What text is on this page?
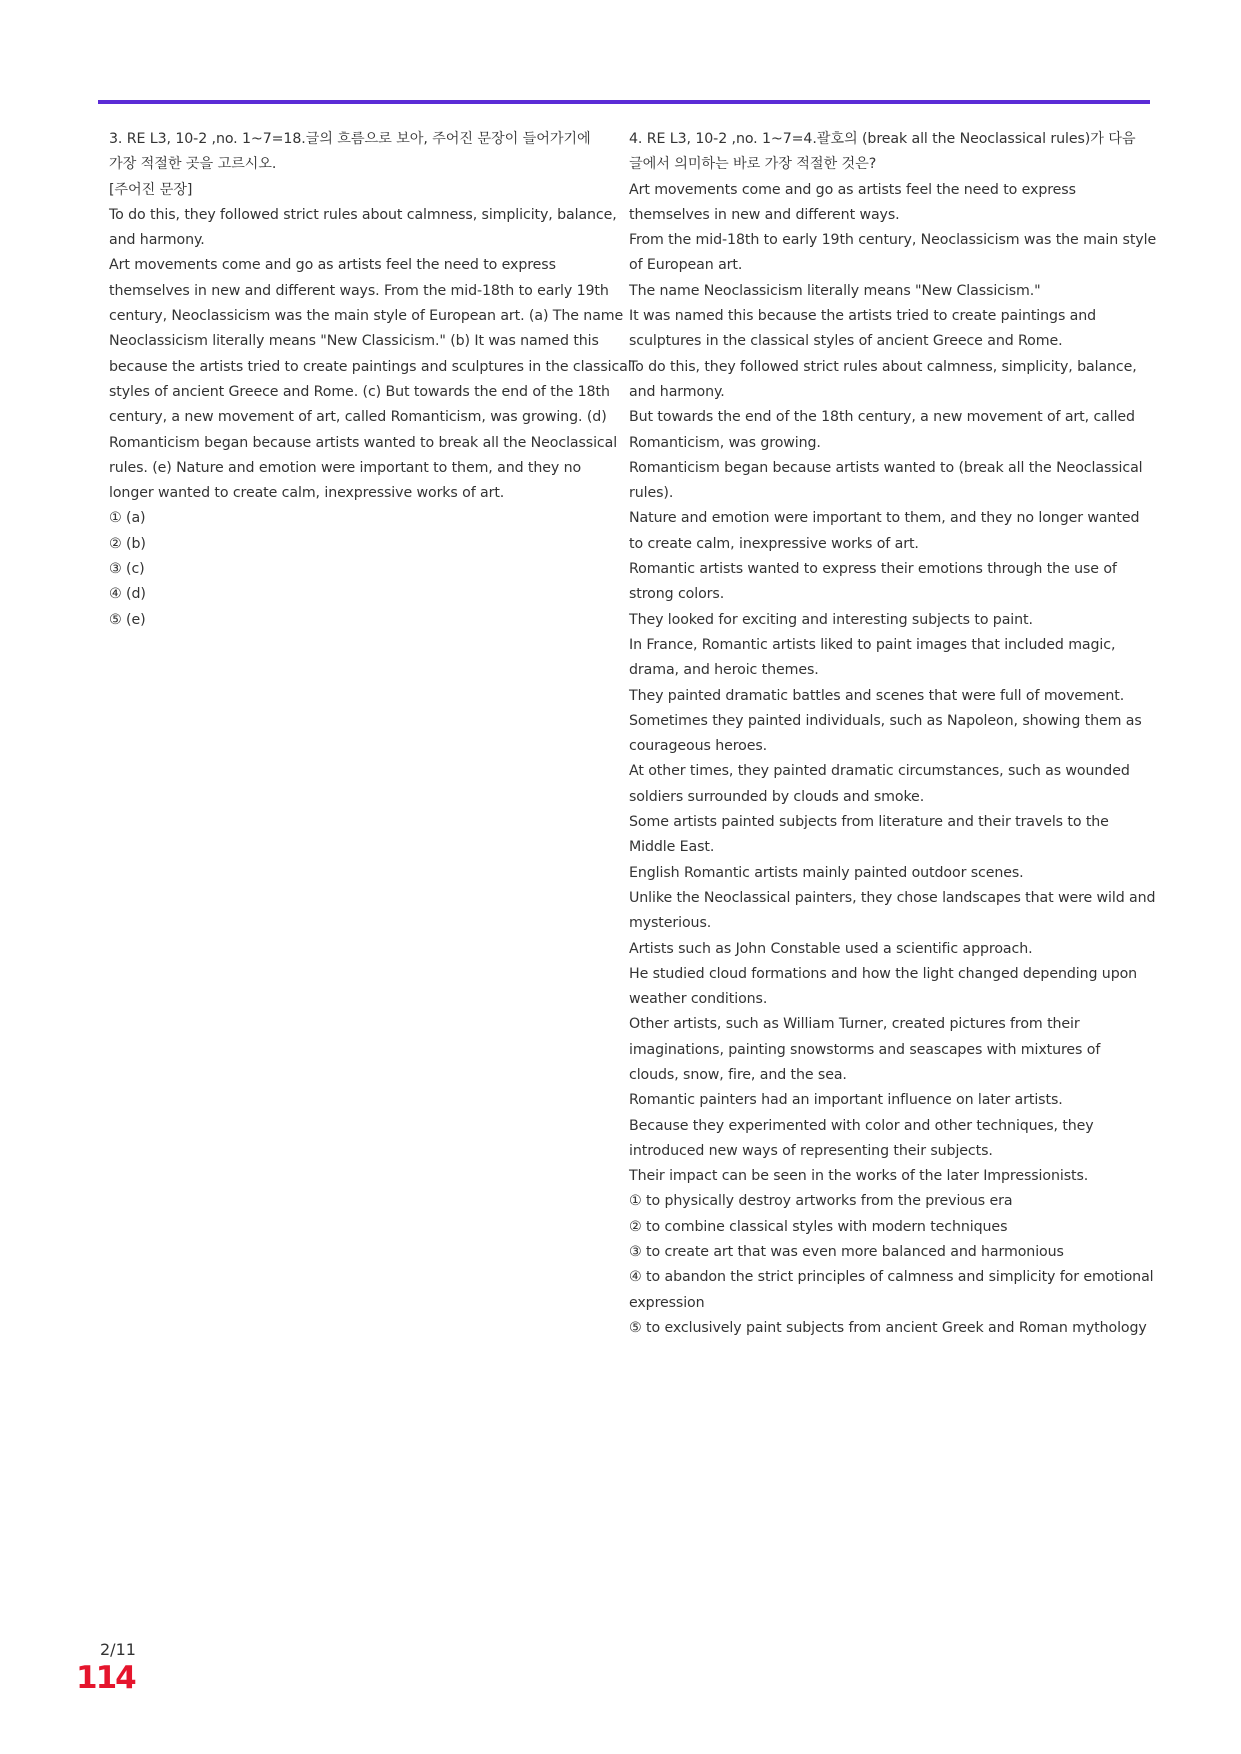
3. RE L3, 10-2 ,no. 1~7=18.글의 흐름으로 보아, 주어진 문장이 들어가기에
가장 적절한 곳을 고르시오.
[주어진 문장]
To do this, they followed strict rules about calmness, simplicity, balance,
and harmony.
Art movements come and go as artists feel the need to express
themselves in new and different ways. From the mid-18th to early 19th
century, Neoclassicism was the main style of European art. (a) The name
Neoclassicism literally means "New Classicism." (b) It was named this
because the artists tried to create paintings and sculptures in the classical
styles of ancient Greece and Rome. (c) But towards the end of the 18th
century, a new movement of art, called Romanticism, was growing. (d)
Romanticism began because artists wanted to break all the Neoclassical
rules. (e) Nature and emotion were important to them, and they no
longer wanted to create calm, inexpressive works of art.
① (a)
② (b)
③ (c)
④ (d)
⑤ (e)
4. RE L3, 10-2 ,no. 1~7=4.괄호의 (break all the Neoclassical rules)가 다음
글에서 의미하는 바로 가장 적절한 것은?
Art movements come and go as artists feel the need to express
themselves in new and different ways.
From the mid-18th to early 19th century, Neoclassicism was the main style
of European art.
The name Neoclassicism literally means "New Classicism."
It was named this because the artists tried to create paintings and
sculptures in the classical styles of ancient Greece and Rome.
To do this, they followed strict rules about calmness, simplicity, balance,
and harmony.
But towards the end of the 18th century, a new movement of art, called
Romanticism, was growing.
Romanticism began because artists wanted to (break all the Neoclassical
rules).
Nature and emotion were important to them, and they no longer wanted
to create calm, inexpressive works of art.
Romantic artists wanted to express their emotions through the use of
strong colors.
They looked for exciting and interesting subjects to paint.
In France, Romantic artists liked to paint images that included magic,
drama, and heroic themes.
They painted dramatic battles and scenes that were full of movement.
Sometimes they painted individuals, such as Napoleon, showing them as
courageous heroes.
At other times, they painted dramatic circumstances, such as wounded
soldiers surrounded by clouds and smoke.
Some artists painted subjects from literature and their travels to the
Middle East.
English Romantic artists mainly painted outdoor scenes.
Unlike the Neoclassical painters, they chose landscapes that were wild and
mysterious.
Artists such as John Constable used a scientific approach.
He studied cloud formations and how the light changed depending upon
weather conditions.
Other artists, such as William Turner, created pictures from their
imaginations, painting snowstorms and seascapes with mixtures of
clouds, snow, fire, and the sea.
Romantic painters had an important influence on later artists.
Because they experimented with color and other techniques, they
introduced new ways of representing their subjects.
Their impact can be seen in the works of the later Impressionists.
① to physically destroy artworks from the previous era
② to combine classical styles with modern techniques
③ to create art that was even more balanced and harmonious
④ to abandon the strict principles of calmness and simplicity for emotional
expression
⑤ to exclusively paint subjects from ancient Greek and Roman mythology
2/11
114
